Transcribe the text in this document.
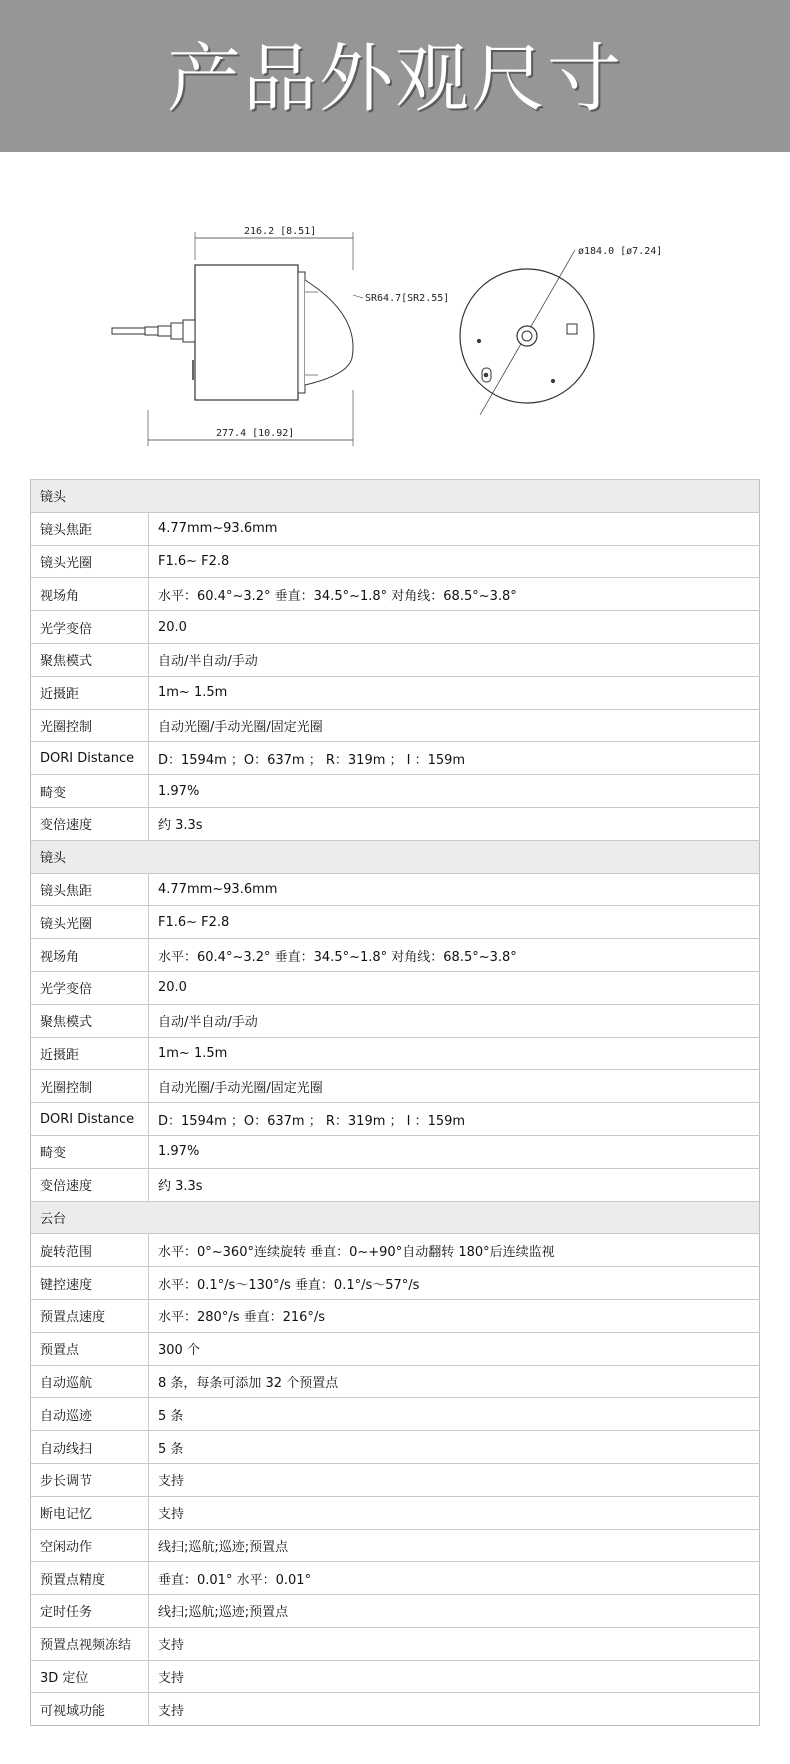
产品外观尺寸
216.2 [8.51]
277.4 [10.92]
SR64.7[SR2.55]
ø184.0 [ø7.24]
镜头	
镜头焦距	4.77mm~93.6mm
镜头光圈	F1.6~ F2.8
视场角	水平：60.4°~3.2° 垂直：34.5°~1.8° 对角线：68.5°~3.8°
光学变倍	20.0
聚焦模式	自动/半自动/手动
近摄距	1m~ 1.5m
光圈控制	自动光圈/手动光圈/固定光圈
DORI Distance	D：1594m ；O：637m ； R：319m ； I ：159m
畸变	1.97%
变倍速度	约 3.3s
镜头	
镜头焦距	4.77mm~93.6mm
镜头光圈	F1.6~ F2.8
视场角	水平：60.4°~3.2° 垂直：34.5°~1.8° 对角线：68.5°~3.8°
光学变倍	20.0
聚焦模式	自动/半自动/手动
近摄距	1m~ 1.5m
光圈控制	自动光圈/手动光圈/固定光圈
DORI Distance	D：1594m ；O：637m ； R：319m ； I ：159m
畸变	1.97%
变倍速度	约 3.3s
云台	
旋转范围	水平：0°~360°连续旋转 垂直：0~+90°自动翻转 180°后连续监视
键控速度	水平：0.1°/s～130°/s 垂直：0.1°/s～57°/s
预置点速度	水平：280°/s 垂直：216°/s
预置点	300 个
自动巡航	8 条，每条可添加 32 个预置点
自动巡迹	5 条
自动线扫	5 条
步长调节	支持
断电记忆	支持
空闲动作	线扫;巡航;巡迹;预置点
预置点精度	垂直：0.01° 水平：0.01°
定时任务	线扫;巡航;巡迹;预置点
预置点视频冻结	支持
3D 定位	支持
可视域功能	支持
